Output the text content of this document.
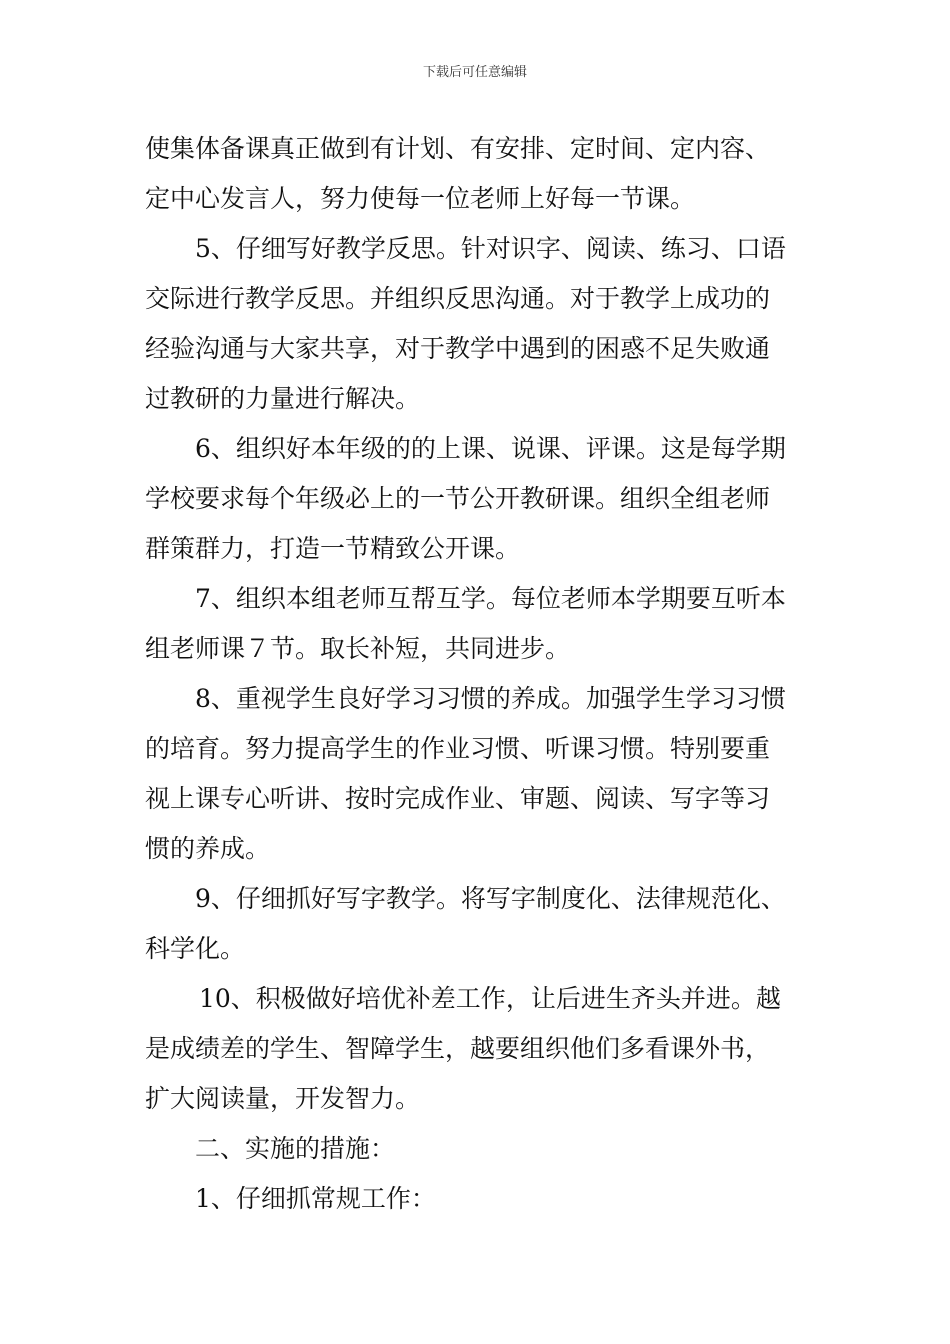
下载后可任意编辑
使集体备课真正做到有计划、有安排、定时间、定内容、
定中心发言人，努力使每一位老师上好每一节课。
5、仔细写好教学反思。针对识字、阅读、练习、口语
交际进行教学反思。并组织反思沟通。对于教学上成功的
经验沟通与大家共享，对于教学中遇到的困惑不足失败通
过教研的力量进行解决。
6、组织好本年级的的上课、说课、评课。这是每学期
学校要求每个年级必上的一节公开教研课。组织全组老师
群策群力，打造一节精致公开课。
7、组织本组老师互帮互学。每位老师本学期要互听本
组老师课７节。取长补短，共同进步。
8、重视学生良好学习习惯的养成。加强学生学习习惯
的培育。努力提高学生的作业习惯、听课习惯。特别要重
视上课专心听讲、按时完成作业、审题、阅读、写字等习
惯的养成。
9、仔细抓好写字教学。将写字制度化、法律规范化、
科学化。
10、积极做好培优补差工作，让后进生齐头并进。越
是成绩差的学生、智障学生，越要组织他们多看课外书，
扩大阅读量，开发智力。
二、实施的措施：
1、仔细抓常规工作：
